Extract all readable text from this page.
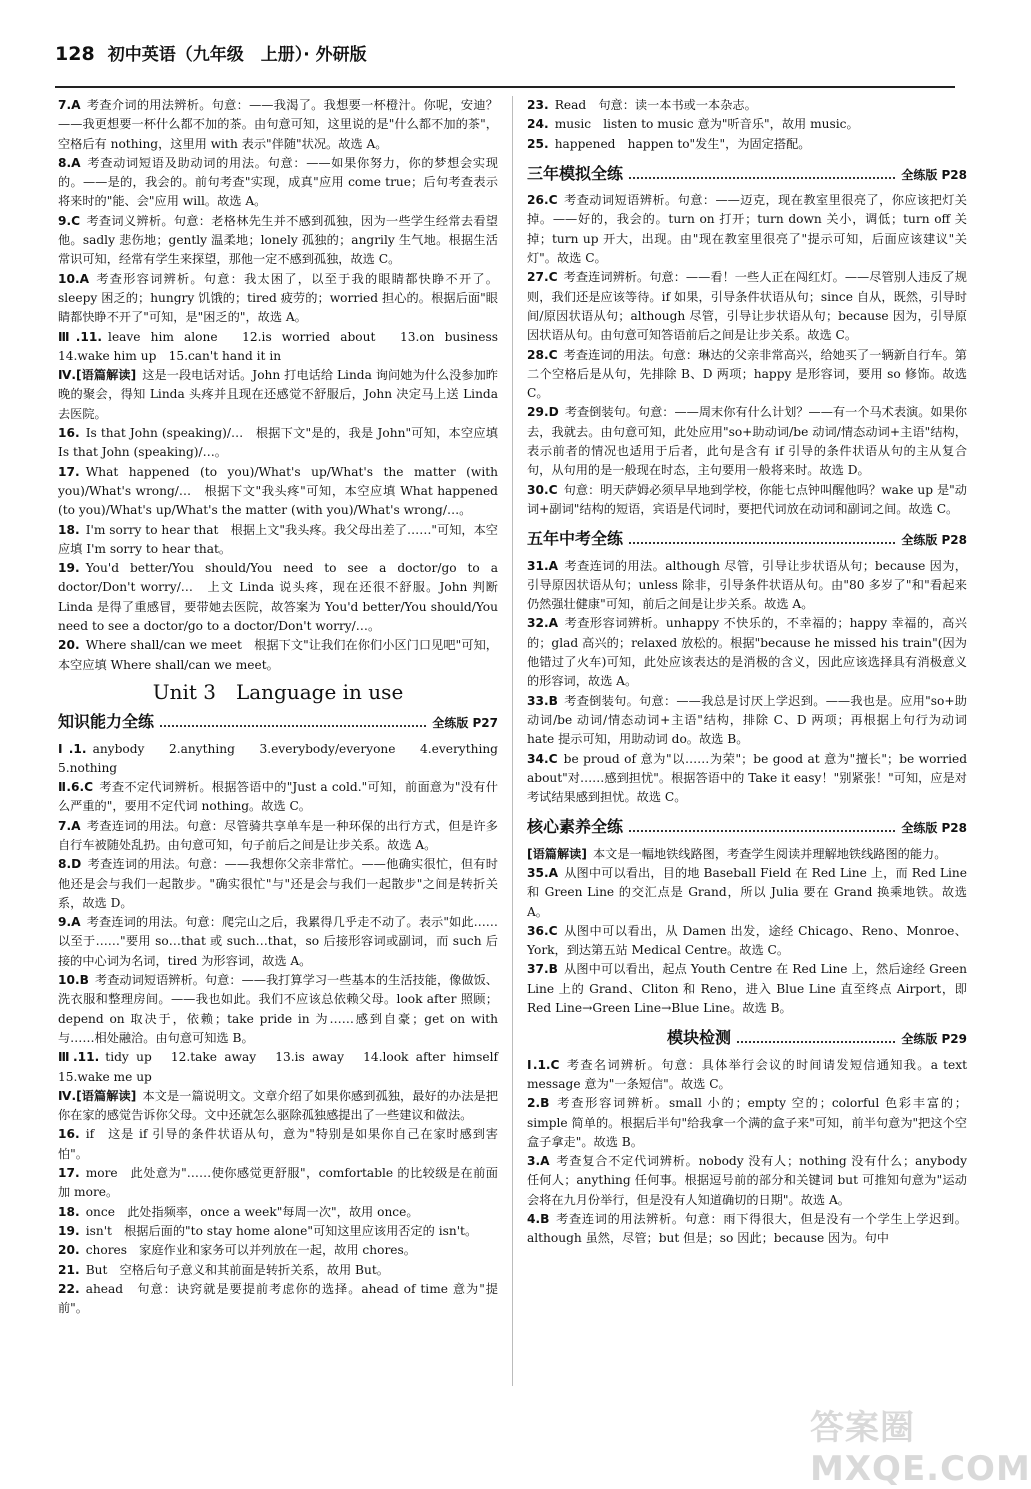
128 初中英语（九年级　上册）· 外研版

7.A  考查介词的用法辨析。句意：——我渴了。我想要一杯橙汁。你呢，安迪？——我更想要一杯什么都不加的茶。由句意可知，这里说的是"什么都不加的茶"，空格后有 nothing，这里用 with 表示"伴随"状况。故选 A。

8.A  考查动词短语及助动词的用法。句意：——如果你努力，你的梦想会实现的。——是的，我会的。前句考查"实现，成真"应用 come true；后句考查表示将来时的"能、会"应用 will。故选 A。

9.C  考查词义辨析。句意：老格林先生并不感到孤独，因为一些学生经常去看望他。sadly 悲伤地；gently 温柔地；lonely 孤独的；angrily 生气地。根据生活常识可知，经常有学生来探望，那他一定不感到孤独，故选 C。

10.A  考查形容词辨析。句意：我太困了，以至于我的眼睛都快睁不开了。sleepy 困乏的；hungry 饥饿的；tired 疲劳的；worried 担心的。根据后面"眼睛都快睁不开了"可知，是"困乏的"，故选 A。

Ⅲ.11.  leave him alone　12.is worried about　13.on business　14.wake him up　15.can't hand it in

Ⅳ.[语篇解读]  这是一段电话对话。John 打电话给 Linda 询问她为什么没参加昨晚的聚会，得知 Linda 头疼并且现在还感觉不舒服后，John 决定马上送 Linda 去医院。

16.  Is that John (speaking)/…　根据下文"是的，我是 John"可知，本空应填 Is that John (speaking)/…。

17.  What happened (to you)/What's up/What's the matter (with you)/What's wrong/…　根据下文"我头疼"可知，本空应填 What happened (to you)/What's up/What's the matter (with you)/What's wrong/…。

18.  I'm sorry to hear that　根据上文"我头疼。我父母出差了……"可知，本空应填 I'm sorry to hear that。

19.  You'd better/You should/You need to see a doctor/go to a doctor/Don't worry/…　上文 Linda 说头疼，现在还很不舒服。John 判断 Linda 是得了重感冒，要带她去医院，故答案为 You'd better/You should/You need to see a doctor/go to a doctor/Don't worry/…。

20.  Where shall/can we meet　根据下文"让我们在你们小区门口见吧"可知，本空应填 Where shall/can we meet。

Unit 3　Language in use
知识能力全练	全练版 P27

Ⅰ.1.  anybody　2.anything　3.everybody/everyone　4.everything　5.nothing

Ⅱ.6.C  考查不定代词辨析。根据答语中的"Just a cold."可知，前面意为"没有什么严重的"，要用不定代词 nothing。故选 C。

7.A  考查连词的用法。句意：尽管骑共享单车是一种环保的出行方式，但是许多自行车被随处乱扔。由句意可知，句子前后之间是让步关系。故选 A。

8.D  考查连词的用法。句意：——我想你父亲非常忙。——他确实很忙，但有时他还是会与我们一起散步。"确实很忙"与"还是会与我们一起散步"之间是转折关系，故选 D。

9.A  考查连词的用法。句意：爬完山之后，我累得几乎走不动了。表示"如此……以至于……"要用 so…that 或 such…that，so 后接形容词或副词，而 such 后接的中心词为名词，tired 为形容词，故选 A。

10.B  考查动词短语辨析。句意：——我打算学习一些基本的生活技能，像做饭、洗衣服和整理房间。——我也如此。我们不应该总依赖父母。look after 照顾；depend on 取决于，依赖；take pride in 为……感到自豪；get on with 与……相处融洽。由句意可知选 B。

Ⅲ.11.  tidy up　12.take away　13.is away　14.look after himself　15.wake me up

Ⅳ.[语篇解读]  本文是一篇说明文。文章介绍了如果你感到孤独，最好的办法是把你在家的感觉告诉你父母。文中还就怎么驱除孤独感提出了一些建议和做法。

16.  if　这是 if 引导的条件状语从句，意为"特别是如果你自己在家时感到害怕"。

17.  more　此处意为"……使你感觉更舒服"，comfortable 的比较级是在前面加 more。

18.  once　此处指频率，once a week"每周一次"，故用 once。

19.  isn't　根据后面的"to stay home alone"可知这里应该用否定的 isn't。

20.  chores　家庭作业和家务可以并列放在一起，故用 chores。

21.  But　空格后句子意义和其前面是转折关系，故用 But。

22.  ahead　句意：诀窍就是要提前考虑你的选择。ahead of time 意为"提前"。

23.  Read　句意：读一本书或一本杂志。

24.  music　listen to music 意为"听音乐"，故用 music。

25.  happened　happen to"发生"，为固定搭配。

三年模拟全练	全练版 P28

26.C  考查动词短语辨析。句意：——迈克，现在教室里很亮了，你应该把灯关掉。——好的，我会的。turn on 打开；turn down 关小，调低；turn off 关掉；turn up 开大，出现。由"现在教室里很亮了"提示可知，后面应该建议"关灯"。故选 C。

27.C  考查连词辨析。句意：——看！一些人正在闯红灯。——尽管别人违反了规则，我们还是应该等待。if 如果，引导条件状语从句；since 自从，既然，引导时间/原因状语从句；although 尽管，引导让步状语从句；because 因为，引导原因状语从句。由句意可知答语前后之间是让步关系。故选 C。

28.C  考查连词的用法。句意：琳达的父亲非常高兴，给她买了一辆新自行车。第二个空格后是从句，先排除 B、D 两项；happy 是形容词，要用 so 修饰。故选 C。

29.D  考查倒装句。句意：——周末你有什么计划？——有一个马术表演。如果你去，我就去。由句意可知，此处应用"so+助动词/be 动词/情态动词+主语"结构，表示前者的情况也适用于后者，此句是含有 if 引导的条件状语从句的主从复合句，从句用的是一般现在时态，主句要用一般将来时。故选 D。

30.C  句意：明天萨姆必须早早地到学校，你能七点钟叫醒他吗？wake up 是"动词+副词"结构的短语，宾语是代词时，要把代词放在动词和副词之间。故选 C。

五年中考全练	全练版 P28

31.A  考查连词的用法。although 尽管，引导让步状语从句；because 因为，引导原因状语从句；unless 除非，引导条件状语从句。由"80 多岁了"和"看起来仍然强壮健康"可知，前后之间是让步关系。故选 A。

32.A  考查形容词辨析。unhappy 不快乐的，不幸福的；happy 幸福的，高兴的；glad 高兴的；relaxed 放松的。根据"because he missed his train"(因为他错过了火车)可知，此处应该表达的是消极的含义，因此应该选择具有消极意义的形容词，故选 A。

33.B  考查倒装句。句意：——我总是讨厌上学迟到。——我也是。应用"so+助动词/be 动词/情态动词+主语"结构，排除 C、D 两项；再根据上句行为动词 hate 提示可知，用助动词 do。故选 B。

34.C  be proud of 意为"以……为荣"；be good at 意为"擅长"；be worried about"对……感到担忧"。根据答语中的 Take it easy！"别紧张！"可知，应是对考试结果感到担忧。故选 C。

核心素养全练	全练版 P28

[语篇解读]  本文是一幅地铁线路图，考查学生阅读并理解地铁线路图的能力。

35.A  从图中可以看出，目的地 Baseball Field 在 Red Line 上，而 Red Line 和 Green Line 的交汇点是 Grand，所以 Julia 要在 Grand 换乘地铁。故选 A。

36.C  从图中可以看出，从 Damen 出发，途经 Chicago、Reno、Monroe、York，到达第五站 Medical Centre。故选 C。

37.B  从图中可以看出，起点 Youth Centre 在 Red Line 上，然后途经 Green Line 上的 Grand、Cliton 和 Reno，进入 Blue Line 直至终点 Airport，即 Red Line→Green Line→Blue Line。故选 B。

模块检测	全练版 P29

Ⅰ.1.C  考查名词辨析。句意：具体举行会议的时间请发短信通知我。a text message 意为"一条短信"。故选 C。

2.B  考查形容词辨析。small 小的；empty 空的；colorful 色彩丰富的；simple 简单的。根据后半句"给我拿一个满的盒子来"可知，前半句意为"把这个空盒子拿走"。故选 B。

3.A  考查复合不定代词辨析。nobody 没有人；nothing 没有什么；anybody 任何人；anything 任何事。根据逗号前的部分和关键词 but 可推知句意为"运动会将在九月份举行，但是没有人知道确切的日期"。故选 A。

4.B  考查连词的用法辨析。句意：雨下得很大，但是没有一个学生上学迟到。although 虽然，尽管；but 但是；so 因此；because 因为。句中

答案圈 MXQE.COM
